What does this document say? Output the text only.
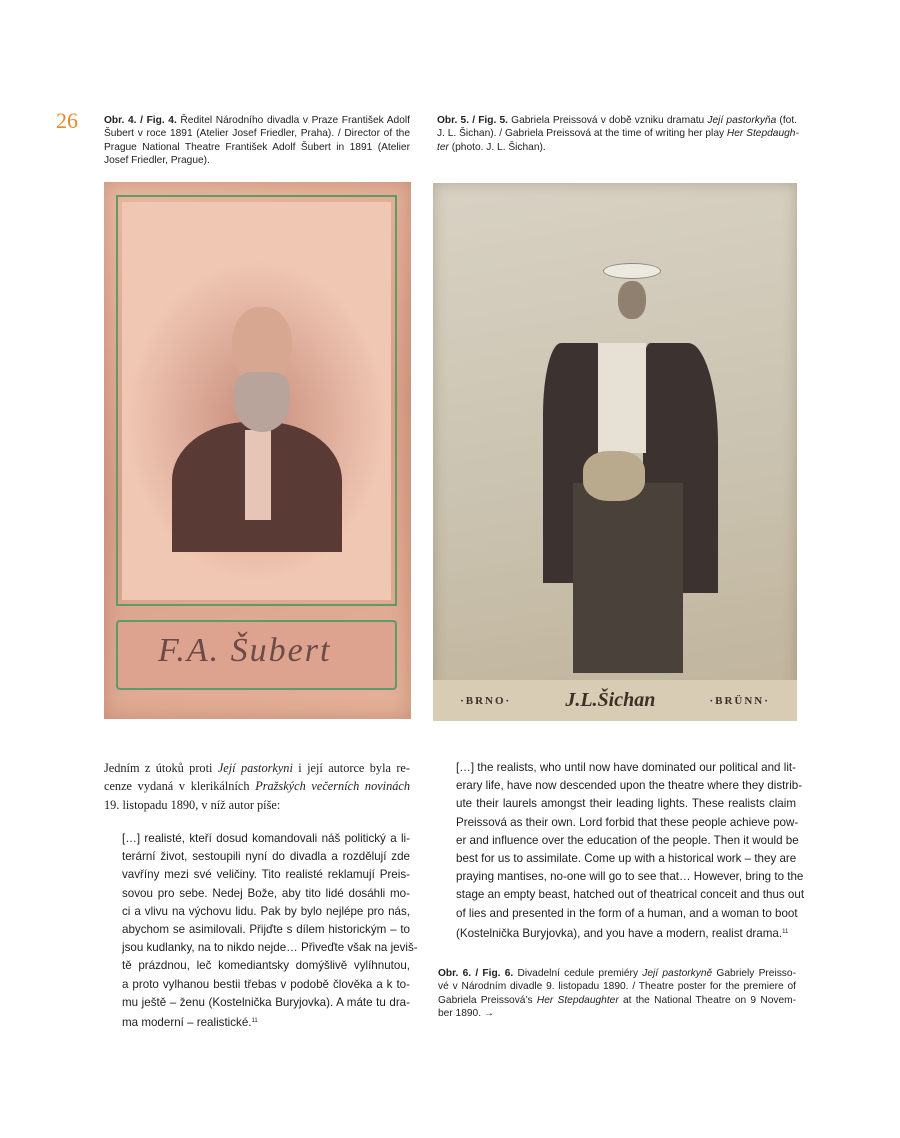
26	Obr. 4. / Fig. 4. Ředitel Národního divadla v Praze František Adolf
Šubert v roce 1891 (Atelier Josef Friedler, Praha). / Director of the
Prague National Theatre František Adolf Šubert in 1891 (Atelier
Josef Friedler, Prague).
Obr. 5. / Fig. 5. Gabriela Preissová v době vzniku dramatu Její pastorkyňa (fot.
J. L. Šichan). / Gabriela Preissová at the time of writing her play Her Stepdaugh-
ter (photo. J. L. Šichan).
F.A. Šubert
·BRNO·	J.L.Šichan	·BRÜNN·
Jedním z útoků proti Její pastorkyni i její autorce byla re-
cenze vydaná v klerikálních Pražských večerních novinách
19. listopadu 1890, v níž autor píše:
[…] realisté, kteří dosud komandovali náš politický a li-
terární život, sestoupili nyní do divadla a rozdělují zde
vavříny mezi své veličiny. Tito realisté reklamují Preis-
sovou pro sebe. Nedej Bože, aby tito lidé dosáhli mo-
ci a vlivu na výchovu lidu. Pak by bylo nejlépe pro nás,
abychom se asimilovali. Přijďte s dílem historickým – to
jsou kudlanky, na to nikdo nejde… Přiveďte však na jeviš-
tě prázdnou, leč komediantsky domýšlivě vylíhnutou,
a proto vylhanou bestii třebas v podobě člověka a k to-
mu ještě – ženu (Kostelnička Buryjovka). A máte tu dra-
ma moderní – realistické.$^{11}$
[…] the realists, who until now have dominated our political and lit-
erary life, have now descended upon the theatre where they distrib-
ute their laurels amongst their leading lights. These realists claim
Preissová as their own. Lord forbid that these people achieve pow-
er and influence over the education of the people. Then it would be
best for us to assimilate. Come up with a historical work – they are
praying mantises, no-one will go to see that… However, bring to the
stage an empty beast, hatched out of theatrical conceit and thus out
of lies and presented in the form of a human, and a woman to boot
(Kostelnička Buryjovka), and you have a modern, realist drama.$^{11}$
Obr. 6. / Fig. 6. Divadelní cedule premiéry Její pastorkyně Gabriely Preisso-
vé v Národním divadle 9. listopadu 1890. / Theatre poster for the premiere of
Gabriela Preissová’s Her Stepdaughter at the National Theatre on 9 Novem-
ber 1890. →
